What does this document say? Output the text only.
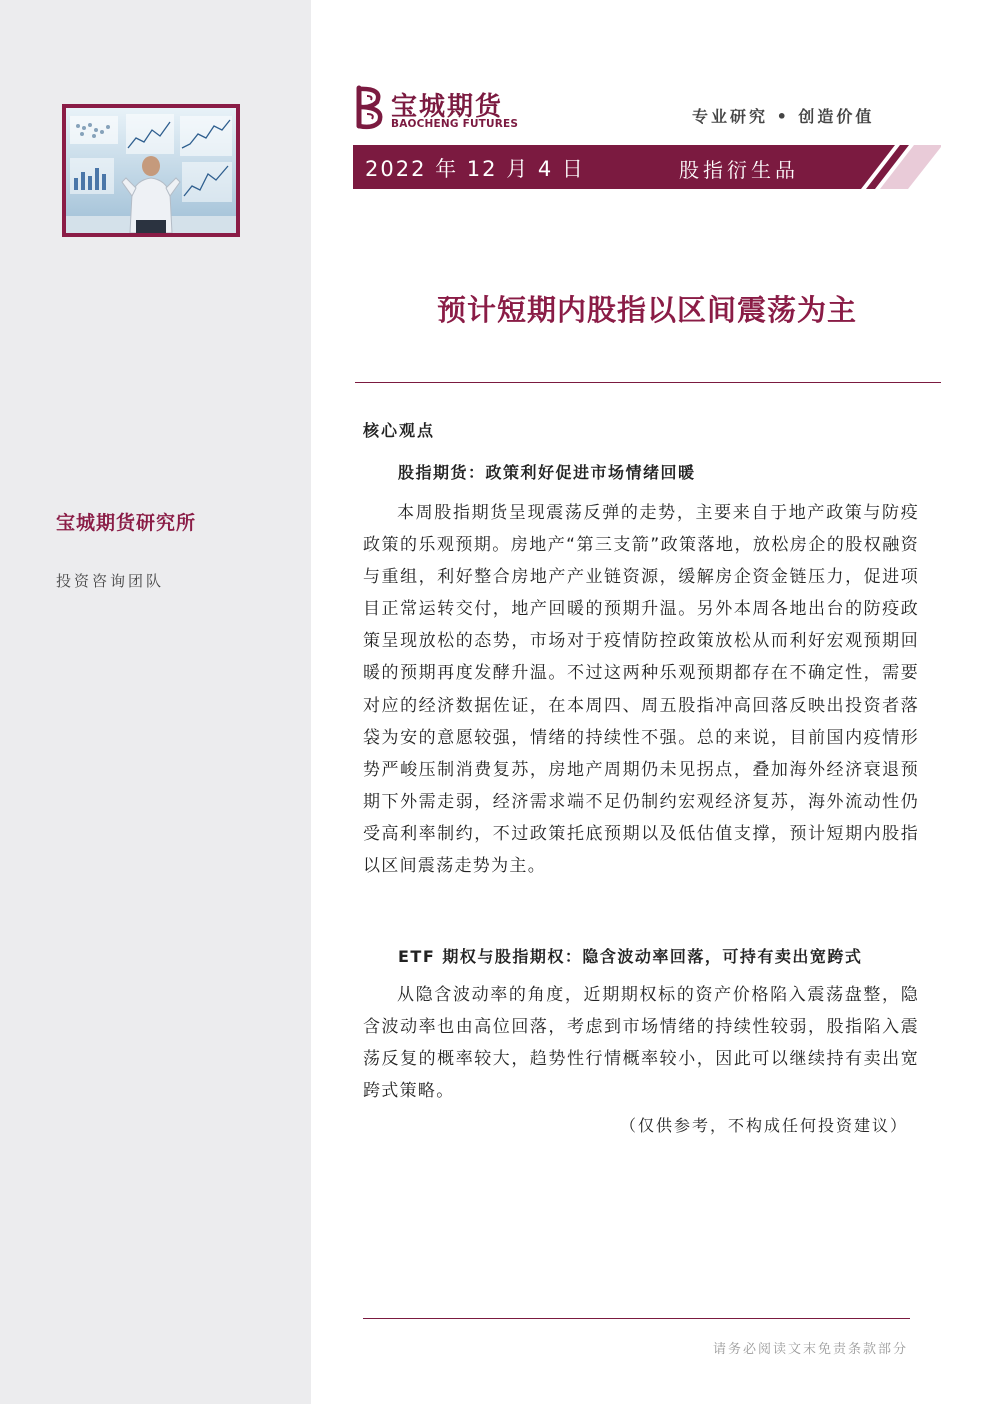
宝城期货研究所
投资咨询团队
宝城期货
BAOCHENG FUTURES	专业研究 • 创造价值
2022 年 12 月 4 日	股指衍生品
预计短期内股指以区间震荡为主
核心观点
股指期货：政策利好促进市场情绪回暖

本周股指期货呈现震荡反弹的走势，主要来自于地产政策与防疫政策的乐观预期。房地产“第三支箭”政策落地，放松房企的股权融资与重组，利好整合房地产产业链资源，缓解房企资金链压力，促进项目正常运转交付，地产回暖的预期升温。另外本周各地出台的防疫政策呈现放松的态势，市场对于疫情防控政策放松从而利好宏观预期回暖的预期再度发酵升温。不过这两种乐观预期都存在不确定性，需要对应的经济数据佐证，在本周四、周五股指冲高回落反映出投资者落袋为安的意愿较强，情绪的持续性不强。总的来说，目前国内疫情形势严峻压制消费复苏，房地产周期仍未见拐点，叠加海外经济衰退预期下外需走弱，经济需求端不足仍制约宏观经济复苏，海外流动性仍受高利率制约，不过政策托底预期以及低估值支撑，预计短期内股指以区间震荡走势为主。

ETF 期权与股指期权：隐含波动率回落，可持有卖出宽跨式

从隐含波动率的角度，近期期权标的资产价格陷入震荡盘整，隐含波动率也由高位回落，考虑到市场情绪的持续性较弱，股指陷入震荡反复的概率较大，趋势性行情概率较小，因此可以继续持有卖出宽跨式策略。

（仅供参考，不构成任何投资建议）
请务必阅读文末免责条款部分
